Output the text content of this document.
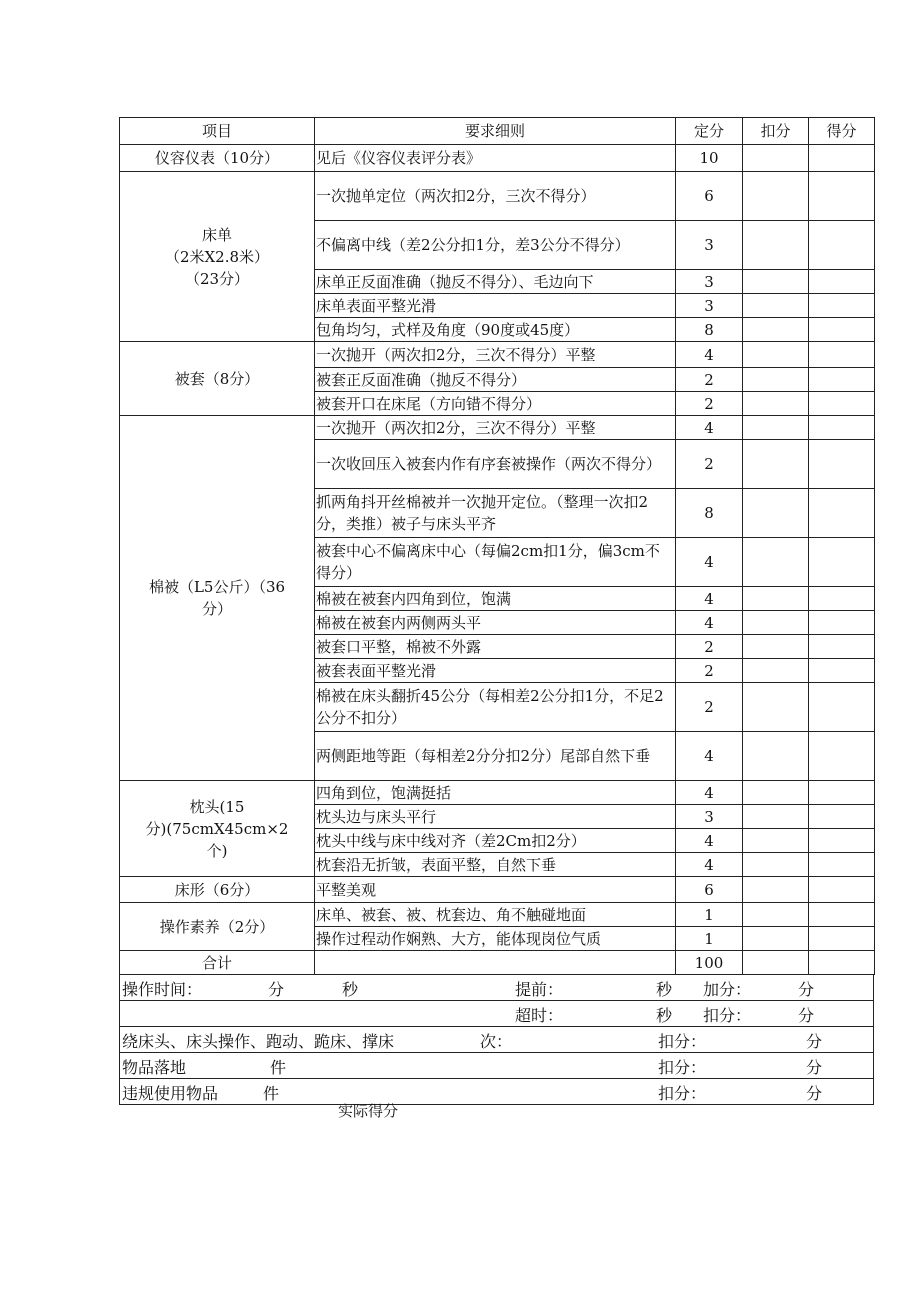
项目	要求细则	定分	扣分	得分

仪容仪表（10分）	见后《仪容仪表评分表》	10		

床单
（2米X2.8米）
（23分）	一次抛单定位（两次扣2分，三次不得分）	6		
	不偏离中线（差2公分扣1分，差3公分不得分）	3		
	床单正反面准确（抛反不得分）、毛边向下	3		
	床单表面平整光滑	3		
	包角均匀，式样及角度（90度或45度）	8		

被套（8分）	一次抛开（两次扣2分，三次不得分）平整	4		
	被套正反面准确（抛反不得分）	2		
	被套开口在床尾（方向错不得分）	2		

棉被（L5公斤）（36
分）	一次抛开（两次扣2分，三次不得分）平整	4		
	一次收回压入被套内作有序套被操作（两次不得分）	2		
	抓两角抖开丝棉被并一次抛开定位。（整理一次扣2分，类推）被子与床头平齐	8		
	被套中心不偏离床中心（每偏2cm扣1分，偏3cm不得分）	4		
	棉被在被套内四角到位，饱满	4		
	棉被在被套内两侧两头平	4		
	被套口平整，棉被不外露	2		
	被套表面平整光滑	2		
	棉被在床头翻折45公分（每相差2公分扣1分，不足2公分不扣分）	2		
	两侧距地等距（每相差2分分扣2分）尾部自然下垂	4		

枕头(15
分)(75cmX45cm×2
个)	四角到位，饱满挺括	4		
	枕头边与床头平行	3		
	枕头中线与床中线对齐（差2Cm扣2分）	4		
	枕套沿无折皱，表面平整，自然下垂	4		

床形（6分）	平整美观	6		

操作素养（2分）	床单、被套、被、枕套边、角不触碰地面	1		
	操作过程动作娴熟、大方，能体现岗位气质	1		
合计		100		
操作时间：	分	秒	提前：	秒 加分：	分
超时：	秒 扣分：	分
绕床头、床头操作、跑动、跪床、撑床	次：	扣分：	分
物品落地	件	扣分：	分
违规使用物品	件	扣分：	分
实际得分
